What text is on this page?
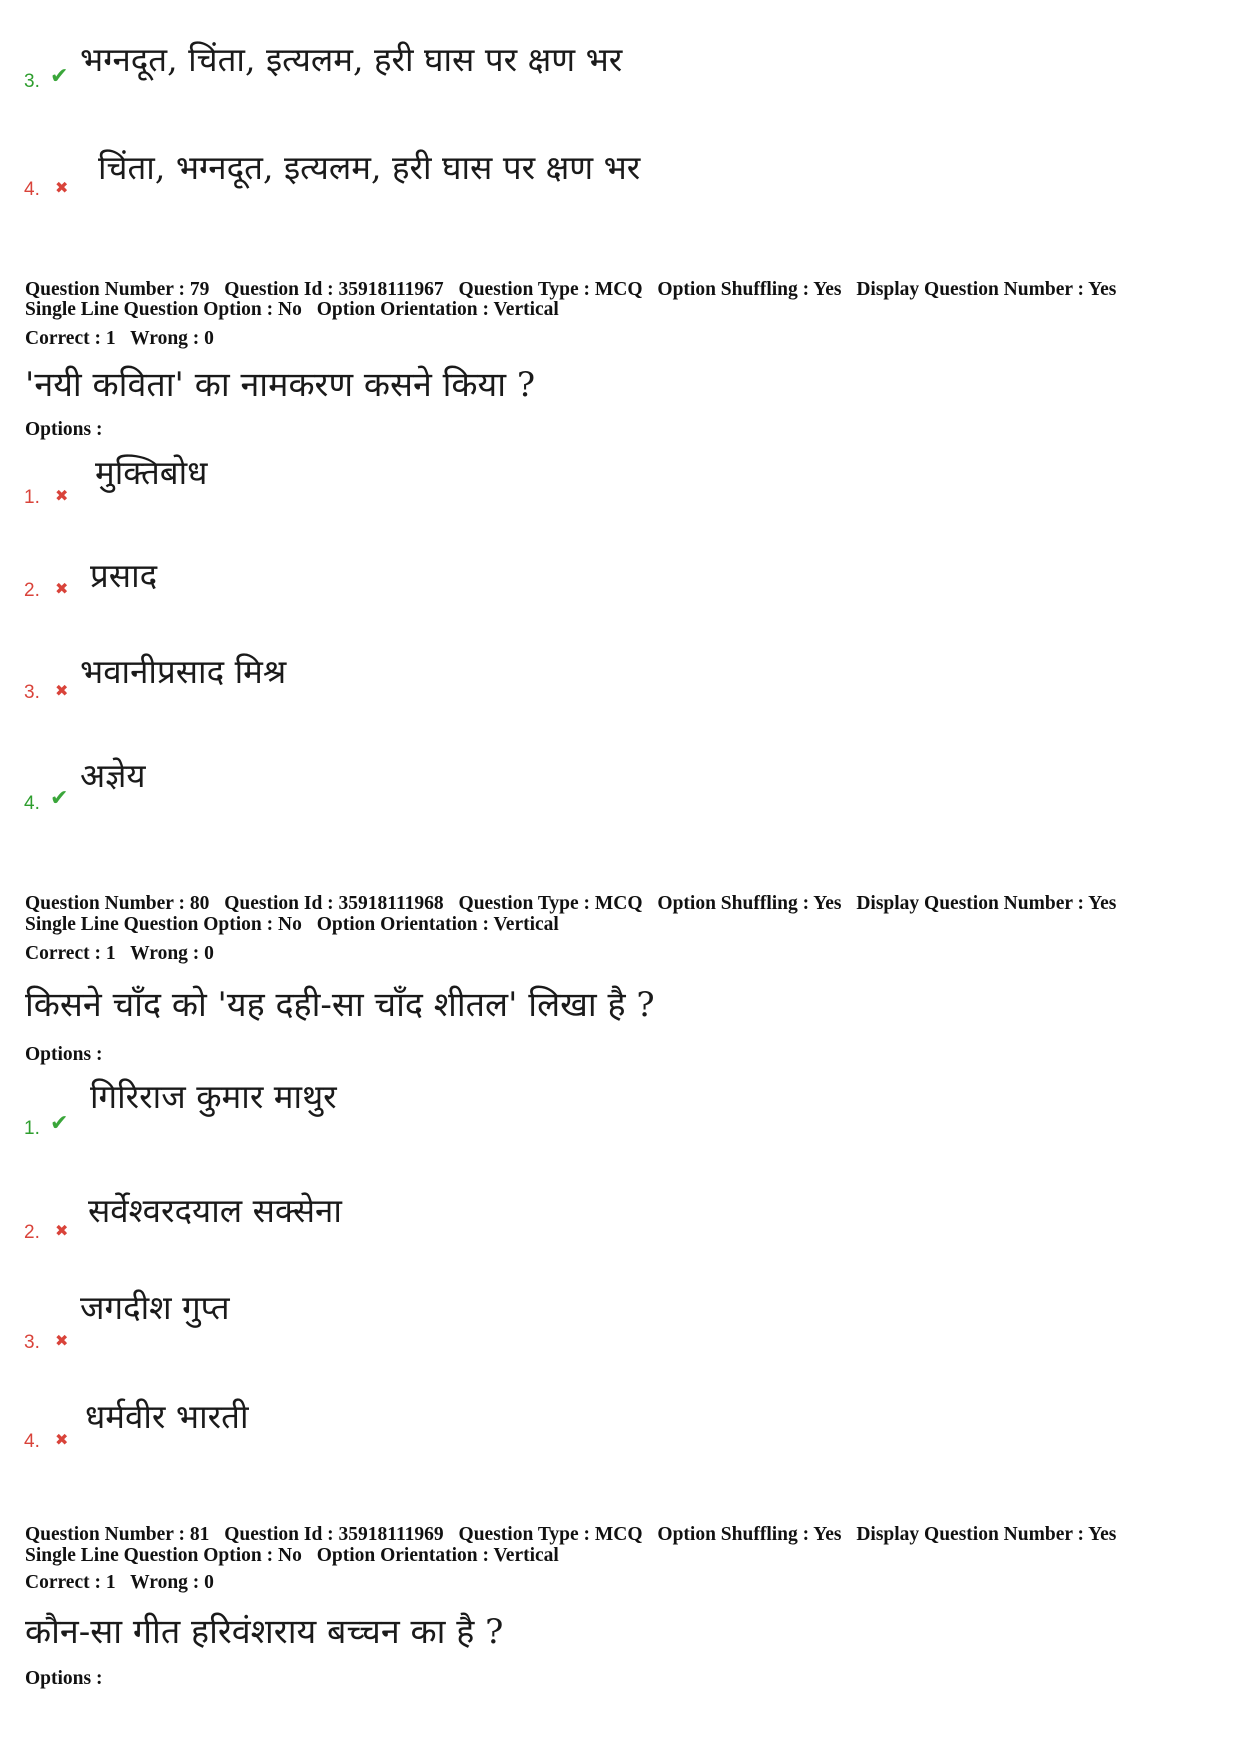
3. ✔ भग्नदूत, चिंता, इत्यलम, हरी घास पर क्षण भर
4. ✖
चिंता, भग्नदूत, इत्यलम, हरी घास पर क्षण भर
Question Number : 79 Question Id : 35918111967 Question Type : MCQ Option Shuffling : Yes Display Question Number : Yes
Single Line Question Option : No Option Orientation : Vertical
Correct : 1 Wrong : 0
'नयी कविता' का नामकरण कसने किया ?
Options :
1. ✖
मुक्तिबोध
2. ✖ प्रसाद
3. ✖ भवानीप्रसाद मिश्र
4. ✔
अज्ञेय
Question Number : 80 Question Id : 35918111968 Question Type : MCQ Option Shuffling : Yes Display Question Number : Yes
Single Line Question Option : No Option Orientation : Vertical
Correct : 1 Wrong : 0
किसने चाँद को 'यह दही-सा चाँद शीतल' लिखा है ?
Options :
1. ✔
गिरिराज कुमार माथुर
2. ✖
सर्वेश्वरदयाल सक्सेना
3. ✖
जगदीश गुप्त
4. ✖
धर्मवीर भारती
Question Number : 81 Question Id : 35918111969 Question Type : MCQ Option Shuffling : Yes Display Question Number : Yes
Single Line Question Option : No Option Orientation : Vertical
Correct : 1 Wrong : 0
कौन-सा गीत हरिवंशराय बच्चन का है ?
Options :
